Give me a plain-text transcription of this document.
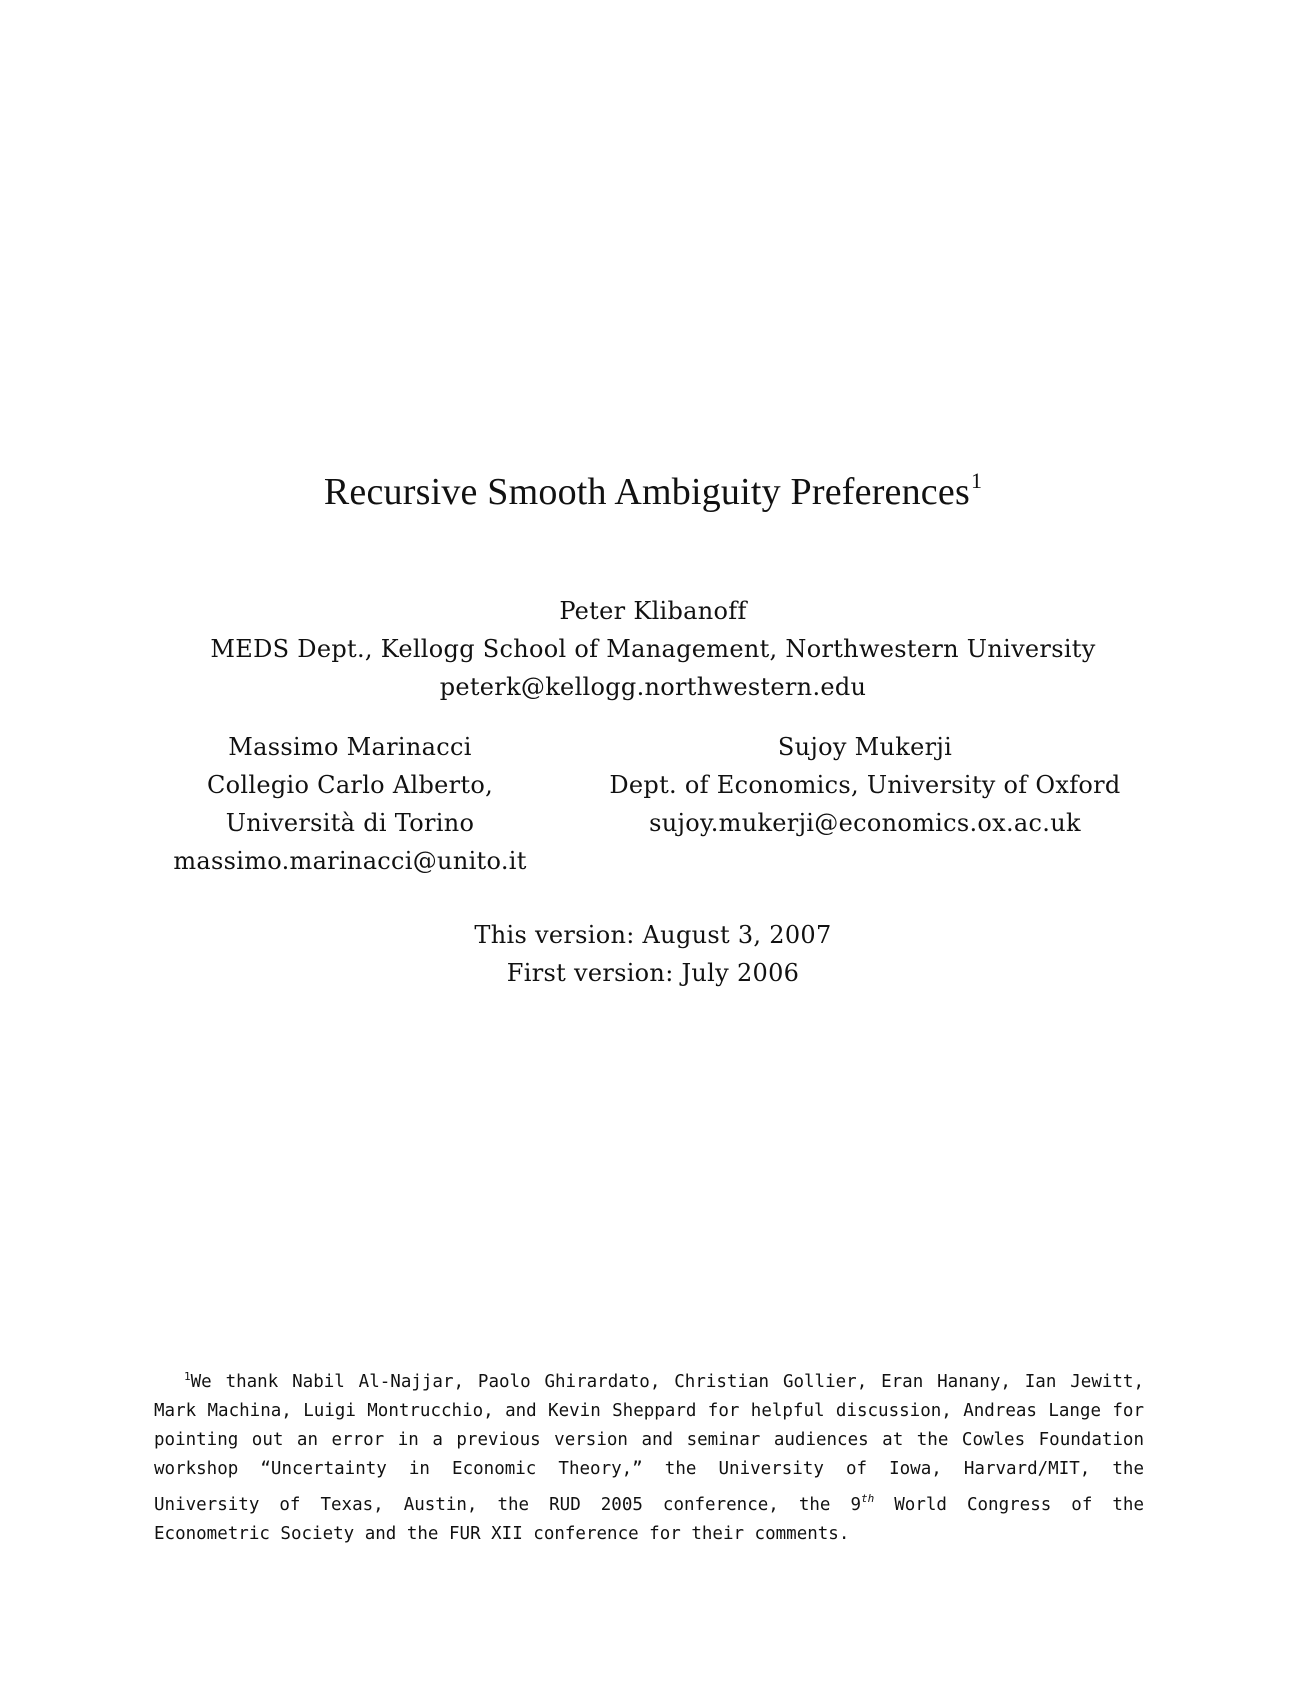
Recursive Smooth Ambiguity Preferences$^1$
Peter Klibanoff
MEDS Dept., Kellogg School of Management, Northwestern University
peterk@kellogg.northwestern.edu
Massimo Marinacci
Collegio Carlo Alberto,
Università di Torino
massimo.marinacci@unito.it
Sujoy Mukerji
Dept. of Economics, University of Oxford
sujoy.mukerji@economics.ox.ac.uk
This version: August 3, 2007
First version: July 2006
$^1$We thank Nabil Al-Najjar, Paolo Ghirardato, Christian Gollier, Eran Hanany, Ian Jewitt, Mark Machina, Luigi Montrucchio, and Kevin Sheppard for helpful discussion, Andreas Lange for pointing out an error in a previous version and seminar audiences at the Cowles Foundation workshop “Uncertainty in Economic Theory,” the University of Iowa, Harvard/MIT, the University of Texas, Austin, the RUD 2005 conference, the 9th World Congress of the Econometric Society and the FUR XII conference for their comments.
